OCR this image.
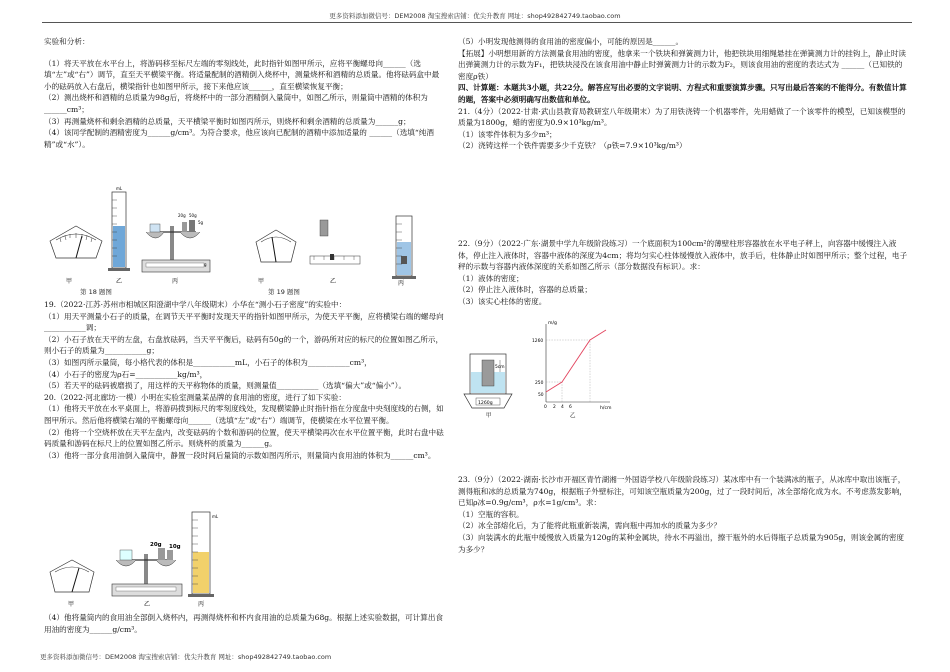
更多资料添加微信号：DEM2008 淘宝搜索店铺：优尖升教育 网址：shop492842749.taobao.com

实验和分析：

（1）将天平放在水平台上，将游码移至标尺左端的零刻线处，此时指针如图甲所示，应将平衡螺母向______（选填“左”或“右”）调节，直至天平横梁平衡。将适量配制的酒精倒入烧杯中，测量烧杯和酒精的总质量。他将砝码盒中最小的砝码放入右盘后，横梁指针也如图甲所示，接下来他应该______，直至横梁恢复平衡；

（2）测出烧杯和酒精的总质量为98g后，将烧杯中的一部分酒精倒入量筒中，如图乙所示，则量筒中酒精的体积为______cm³；

（3）再测量烧杯和剩余酒精的总质量，天平横梁平衡时如图丙所示，则烧杯和剩余酒精的总质量为______g；

（4）该同学配制的酒精密度为______g/cm³。为符合要求，他应该向已配制的酒精中添加适量的 ______（选填“纯酒精”或“水”）。

mL
20g 50g
5g
g
甲	乙	丙
第 18 题图
甲	乙	丙
第 19 题图

19.（2022·江苏·苏州市相城区阳澄湖中学八年级期末）小华在“测小石子密度”的实验中：

（1）用天平测量小石子的质量，在调节天平平衡时发现天平的指针如图甲所示，为使天平平衡，应将横梁右端的螺母向___________调；

（2）小石子放在天平的左盘，右盘放砝码，当天平平衡后，砝码有50g的一个，游码所对应的标尺的位置如图乙所示，则小石子的质量为___________g；

（3）如图丙所示量筒，每小格代表的体积是___________mL，小石子的体积为___________cm³，

（4）小石子的密度为ρ石=___________kg/m³，

（5）若天平的砝码被磨损了，用这样的天平称物体的质量，则测量值___________（选填“偏大”或“偏小”）。

20.（2022·河北廊坊·一模）小明在实验室测量某品牌的食用油的密度，进行了如下实验：

（1）他将天平放在水平桌面上，将游码拨到标尺的零刻度线处，发现横梁静止时指针指在分度盘中央刻度线的右侧，如图甲所示。然后他将横梁右端的平衡螺母向______（选填“左”或“右”）端调节，使横梁在水平位置平衡。

（2）他将一个空烧杯放在天平左盘内，改变砝码的个数和游码的位置，使天平横梁再次在水平位置平衡，此时右盘中砝码质量和游码在标尺上的位置如图乙所示。则烧杯的质量为______g。

（3）他将一部分食用油倒入量筒中，静置一段时间后量筒的示数如图丙所示，则量筒内食用油的体积为______cm³。

20g 10g
mL
甲	乙	丙

（4）他将量筒内的食用油全部倒入烧杯内，再测得烧杯和杯内食用油的总质量为68g。根据上述实验数据，可计算出食用油的密度为______g/cm³。

（5）小明发现他测得的食用油的密度偏小，可能的原因是______。

【拓展】小明想用新的方法测量食用油的密度，他拿来一个铁块和弹簧测力计，他把铁块用细绳悬挂在弹簧测力计的挂钩上，静止时读出弹簧测力计的示数为F₁，把铁块浸没在该食用油中静止时弹簧测力计的示数为F₂，则该食用油的密度的表达式为 ______（已知铁的密度ρ铁）

四、计算题：本题共3小题，共22分。解答应写出必要的文字说明、方程式和重要演算步骤。只写出最后答案的不能得分。有数值计算的题，答案中必须明确写出数值和单位。

21.（4分）（2022·甘肃·武山县教育局教研室八年级期末）为了用铁浇铸一个机器零件，先用蜡做了一个该零件的模型，已知该模型的质量为1800g，蜡的密度为0.9×10³kg/m³。

（1）该零件体积为多少m³；

（2）浇铸这样一个铁件需要多少千克铁？（ρ铁=7.9×10³kg/m³）

22.（9分）（2022·广东·湖景中学九年级阶段练习）一个底面积为100cm²的薄壁柱形容器放在水平电子秤上，向容器中缓慢注入液体，停止注入液体时，容器中液体的深度为4cm；将均匀实心柱体缓慢放入液体中，放手后，柱体静止时如图甲所示；整个过程，电子秤的示数与容器内液体深度的关系如图乙所示（部分数据没有标识）。求：

（1）液体的密度；

（2）停止注入液体时，容器的总质量；

（3）该实心柱体的密度。

1260g
5cm
m/g
h/cm
1260
250
50
0 2 4 6
甲	乙

23.（9分）（2022·湖南·长沙市开福区青竹湖湘一外国语学校八年级阶段练习）某冰库中有一个装满冰的瓶子，从冰库中取出该瓶子，测得瓶和冰的总质量为740g，根据瓶子外壁标注，可知该空瓶质量为200g，过了一段时间后，冰全部熔化成为水。不考虑蒸发影响，已知ρ冰=0.9g/cm³，ρ水=1g/cm³。求：

（1）空瓶的容积。

（2）冰全部熔化后，为了能将此瓶重新装满，需向瓶中再加水的质量为多少？

（3）向装满水的此瓶中缓慢放入质量为120g的某种金属块，待水不再溢出，擦干瓶外的水后得瓶子总质量为905g，则该金属的密度为多少？

更多资料添加微信号：DEM2008 淘宝搜索店铺：优尖升教育 网址：shop492842749.taobao.com
